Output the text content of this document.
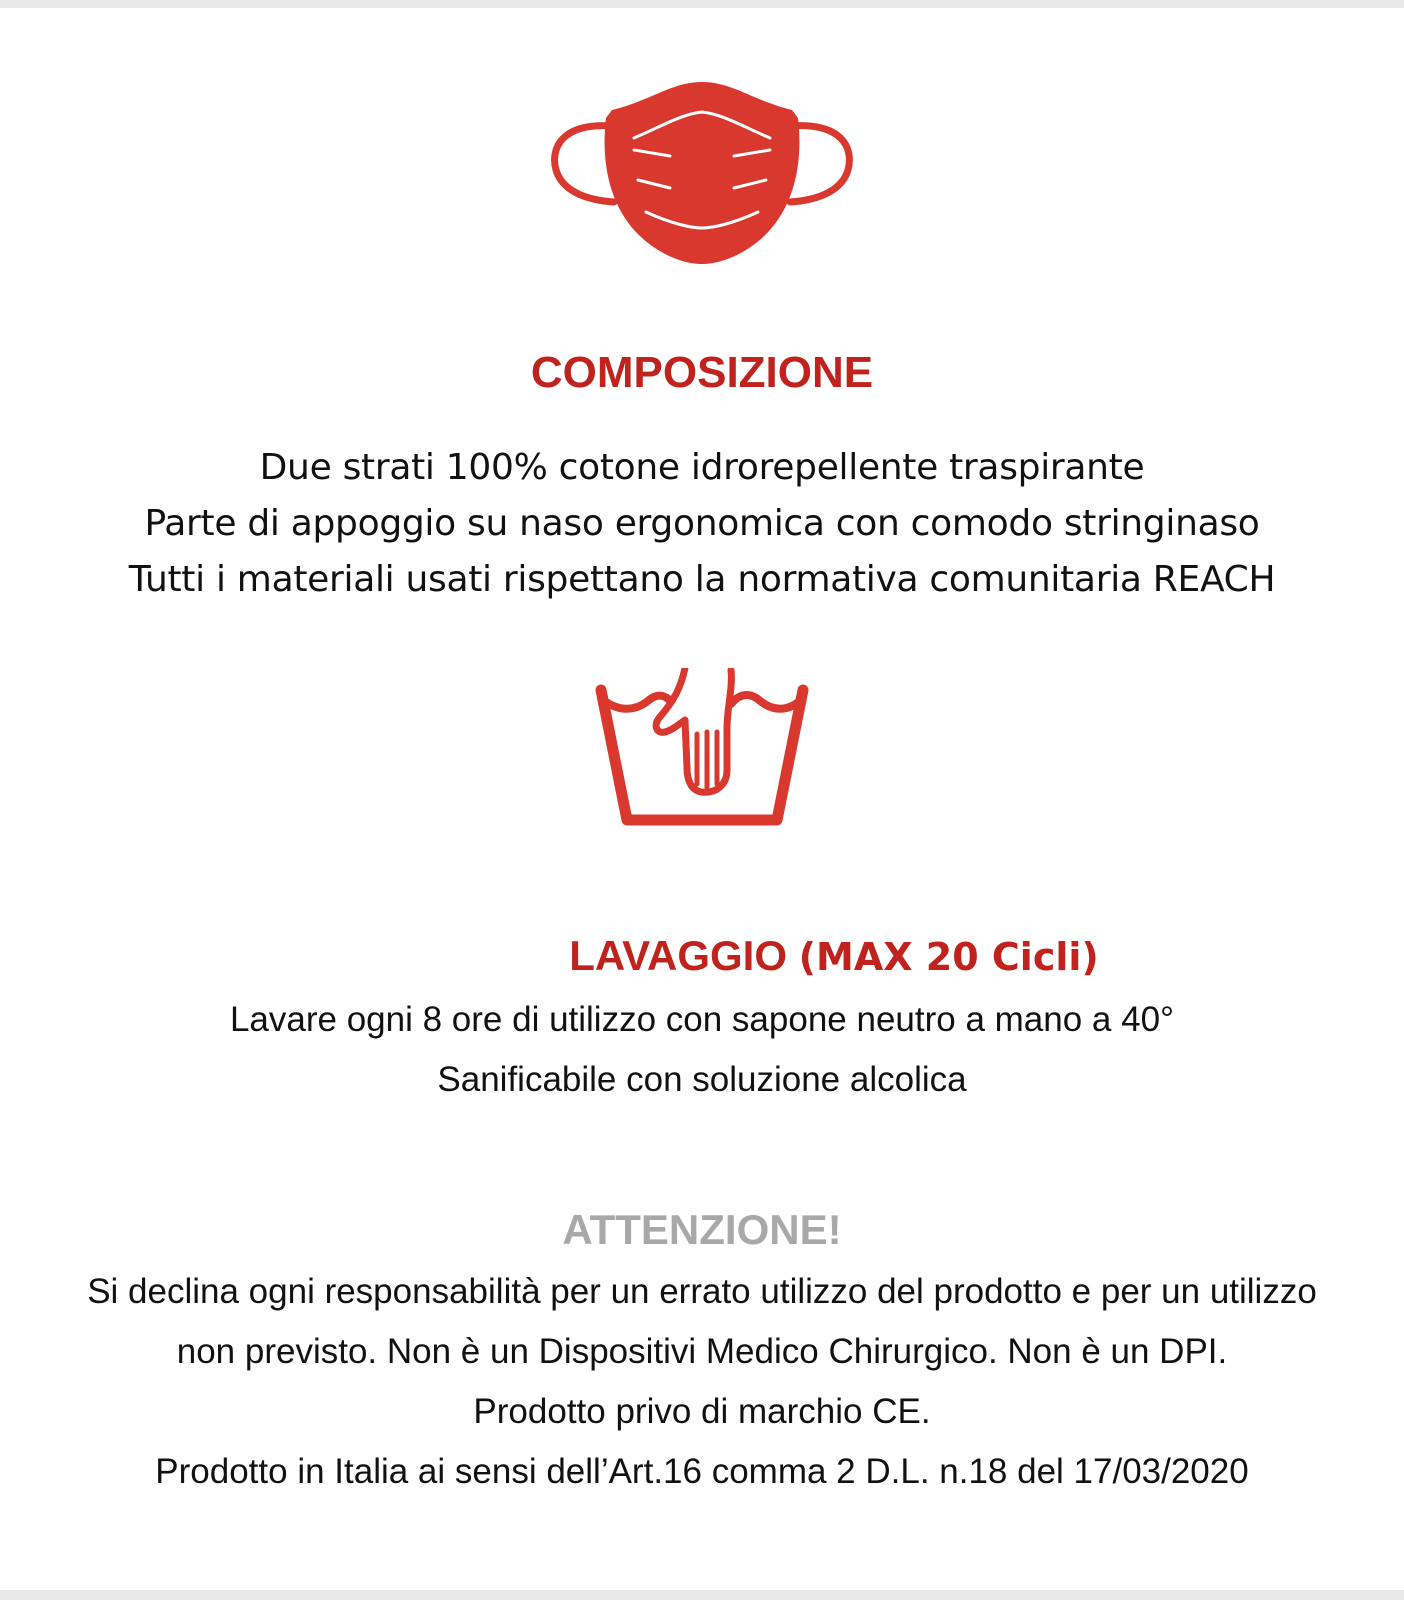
COMPOSIZIONE
Due strati 100% cotone idrorepellente traspirante
Parte di appoggio su naso ergonomica con comodo stringinaso
Tutti i materiali usati rispettano la normativa comunitaria REACH
LAVAGGIO (MAX 20 Cicli)
Lavare ogni 8 ore di utilizzo con sapone neutro a mano a 40°
Sanificabile con soluzione alcolica
ATTENZIONE!
Si declina ogni responsabilità per un errato utilizzo del prodotto e per un utilizzo
non previsto. Non è un Dispositivi Medico Chirurgico. Non è un DPI.
Prodotto privo di marchio CE.
Prodotto in Italia ai sensi dell’Art.16 comma 2 D.L. n.18 del 17/03/2020
